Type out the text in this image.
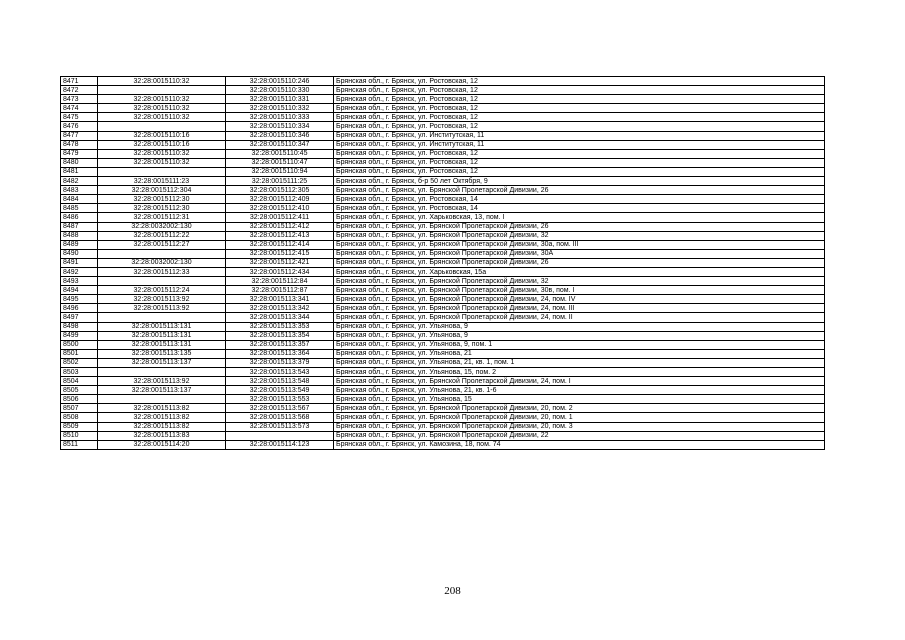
8471	32:28:0015110:32	32:28:0015110:246	Брянская обл., г. Брянск, ул. Ростовская, 12
8472		32:28:0015110:330	Брянская обл., г. Брянск, ул. Ростовская, 12
8473	32:28:0015110:32	32:28:0015110:331	Брянская обл., г. Брянск, ул. Ростовская, 12
8474	32:28:0015110:32	32:28:0015110:332	Брянская обл., г. Брянск, ул. Ростовская, 12
8475	32:28:0015110:32	32:28:0015110:333	Брянская обл., г. Брянск, ул. Ростовская, 12
8476		32:28:0015110:334	Брянская обл., г. Брянск, ул. Ростовская, 12
8477	32:28:0015110:16	32:28:0015110:346	Брянская обл., г. Брянск, ул. Институтская, 11
8478	32:28:0015110:16	32:28:0015110:347	Брянская обл., г. Брянск, ул. Институтская, 11
8479	32:28:0015110:32	32:28:0015110:45	Брянская обл., г. Брянск, ул. Ростовская, 12
8480	32:28:0015110:32	32:28:0015110:47	Брянская обл., г. Брянск, ул. Ростовская, 12
8481		32:28:0015110:94	Брянская обл., г. Брянск, ул. Ростовская, 12
8482	32:28:0015111:23	32:28:0015111:25	Брянская обл., г. Брянск, б-р 50 лет Октября, 9
8483	32:28:0015112:304	32:28:0015112:305	Брянская обл., г. Брянск, ул. Брянской Пролетарской Дивизии, 26
8484	32:28:0015112:30	32:28:0015112:409	Брянская обл., г. Брянск, ул. Ростовская, 14
8485	32:28:0015112:30	32:28:0015112:410	Брянская обл., г. Брянск, ул. Ростовская, 14
8486	32:28:0015112:31	32:28:0015112:411	Брянская обл., г. Брянск, ул. Харьковская, 13, пом. I
8487	32:28:0032002:130	32:28:0015112:412	Брянская обл., г. Брянск, ул. Брянской Пролетарской Дивизии, 26
8488	32:28:0015112:22	32:28:0015112:413	Брянская обл., г. Брянск, ул. Брянской Пролетарской Дивизии, 32
8489	32:28:0015112:27	32:28:0015112:414	Брянская обл., г. Брянск, ул. Брянской Пролетарской Дивизии, 30а, пом. III
8490		32:28:0015112:415	Брянская обл., г. Брянск, ул. Брянской Пролетарской Дивизии, 30А
8491	32:28:0032002:130	32:28:0015112:421	Брянская обл., г. Брянск, ул. Брянской Пролетарской Дивизии, 26
8492	32:28:0015112:33	32:28:0015112:434	Брянская обл., г. Брянск, ул. Харьковская, 15а
8493		32:28:0015112:84	Брянская обл., г. Брянск, ул. Брянской Пролетарской Дивизии, 32
8494	32:28:0015112:24	32:28:0015112:87	Брянская обл., г. Брянск, ул. Брянской Пролетарской Дивизии, 30в, пом. I
8495	32:28:0015113:92	32:28:0015113:341	Брянская обл., г. Брянск, ул. Брянской Пролетарской Дивизии, 24, пом. IV
8496	32:28:0015113:92	32:28:0015113:342	Брянская обл., г. Брянск, ул. Брянской Пролетарской Дивизии, 24, пом. III
8497		32:28:0015113:344	Брянская обл., г. Брянск, ул. Брянской Пролетарской Дивизии, 24, пом. II
8498	32:28:0015113:131	32:28:0015113:353	Брянская обл., г. Брянск, ул. Ульянова, 9
8499	32:28:0015113:131	32:28:0015113:354	Брянская обл., г. Брянск, ул. Ульянова, 9
8500	32:28:0015113:131	32:28:0015113:357	Брянская обл., г. Брянск, ул. Ульянова, 9, пом. 1
8501	32:28:0015113:135	32:28:0015113:364	Брянская обл., г. Брянск, ул. Ульянова, 21
8502	32:28:0015113:137	32:28:0015113:379	Брянская обл., г. Брянск, ул. Ульянова, 21, кв. 1, пом. 1
8503		32:28:0015113:543	Брянская обл., г. Брянск, ул. Ульянова, 15, пом. 2
8504	32:28:0015113:92	32:28:0015113:548	Брянская обл., г. Брянск, ул. Брянской Пролетарской Дивизии, 24, пом. I
8505	32:28:0015113:137	32:28:0015113:549	Брянская обл., г. Брянск, ул. Ульянова, 21, кв. 1-6
8506		32:28:0015113:553	Брянская обл., г. Брянск, ул. Ульянова, 15
8507	32:28:0015113:82	32:28:0015113:567	Брянская обл., г. Брянск, ул. Брянской Пролетарской Дивизии, 20, пом. 2
8508	32:28:0015113:82	32:28:0015113:568	Брянская обл., г. Брянск, ул. Брянской Пролетарской Дивизии, 20, пом. 1
8509	32:28:0015113:82	32:28:0015113:573	Брянская обл., г. Брянск, ул. Брянской Пролетарской Дивизии, 20, пом. 3
8510	32:28:0015113:83		Брянская обл., г. Брянск, ул. Брянской Пролетарской Дивизии, 22
8511	32:28:0015114:20	32:28:0015114:123	Брянская обл., г. Брянск, ул. Камозина, 18, пом. 74
208
